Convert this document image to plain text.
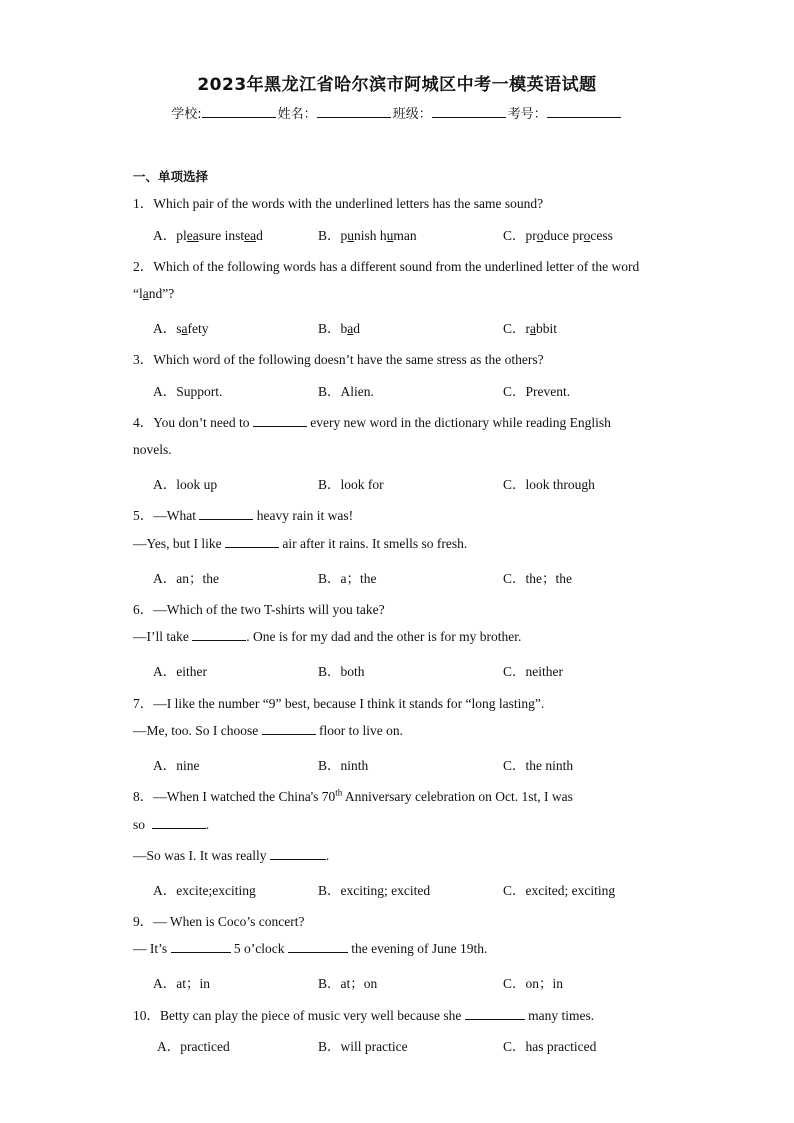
2023年黑龙江省哈尔滨市阿城区中考一模英语试题
学校:	姓名：	班级：	考号：
一、单项选择
1．Which pair of the words with the underlined letters has the same sound?
A．pleasure instead	B．punish human	C．produce process
2．Which of the following words has a different sound from the underlined letter of the word
“land”?
A．safety	B．bad	C．rabbit
3．Which word of the following doesn’t have the same stress as the others?
A．Support.	B．Alien.	C．Prevent.
4．You don’t need to	every new word in the dictionary while reading English
novels.
A．look up	B．look for	C．look through
5．—What	heavy rain it was!
—Yes, but I like	air after it rains. It smells so fresh.
A．an；the	B．a；the	C．the；the
6．—Which of the two T-shirts will you take?
—I’ll take	. One is for my dad and the other is for my brother.
A．either	B．both	C．neither
7．—I like the number “9” best, because I think it stands for “long lasting”.
—Me, too. So I choose	floor to live on.
A．nine	B．ninth	C．the ninth
8．—When I watched the China's 70th Anniversary celebration on Oct. 1st, I was
so	.
—So was I. It was really	.
A．excite;exciting	B．exciting; excited	C．excited; exciting
9．— When is Coco’s concert?
— It’s	5 o’clock	the evening of June 19th.
A．at；in	B．at；on	C．on；in
10．Betty can play the piece of music very well because she	many times.
A．practiced	B．will practice	C．has practiced
